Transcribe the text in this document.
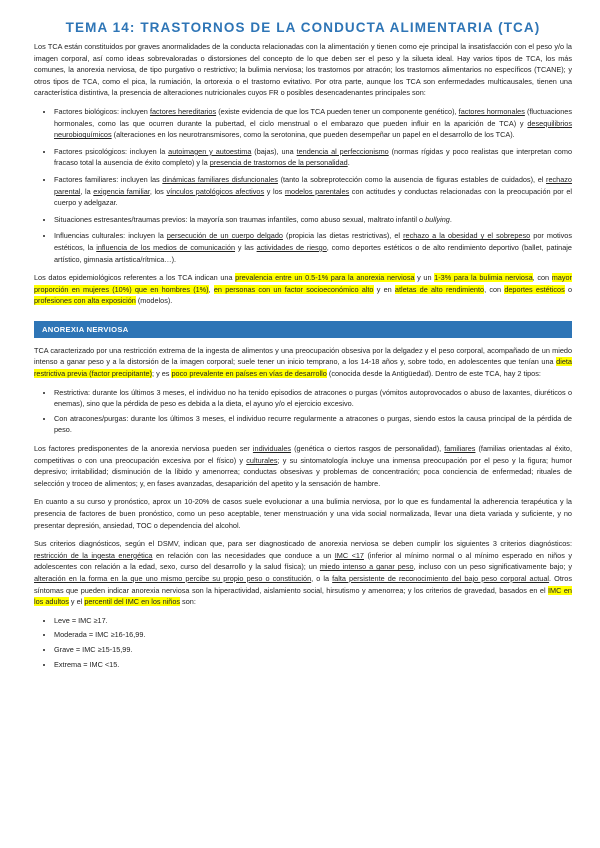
TEMA 14: TRASTORNOS DE LA CONDUCTA ALIMENTARIA (TCA)

Los TCA están constituidos por graves anormalidades de la conducta relacionadas con la alimentación y tienen como eje principal la insatisfacción con el peso y/o la imagen corporal, así como ideas sobrevaloradas o distorsiones del concepto de lo que deben ser el peso y la silueta ideal. Hay varios tipos de TCA, los más comunes, la anorexia nerviosa, de tipo purgativo o restrictivo; la bulimia nerviosa; los trastornos por atracón; los trastornos alimentarios no específicos (TCANE); y otros tipos de TCA, como el pica, la rumiación, la ortorexia o el trastorno evitativo. Por otra parte, aunque los TCA son enfermedades multicausales, tienen una característica distintiva, la presencia de alteraciones nutricionales cuyos FR o posibles desencadenantes principales son:

• Factores biológicos: incluyen factores hereditarios (existe evidencia de que los TCA pueden tener un componente genético), factores hormonales (fluctuaciones hormonales, como las que ocurren durante la pubertad, el ciclo menstrual o el embarazo que pueden influir en la aparición de TCA) y desequilibrios neurobioquímicos (alteraciones en los neurotransmisores, como la serotonina, que pueden desempeñar un papel en el desarrollo de los TCA).
• Factores psicológicos: incluyen la autoimagen y autoestima (bajas), una tendencia al perfeccionismo (normas rígidas y poco realistas que interpretan como fracaso total la ausencia de éxito completo) y la presencia de trastornos de la personalidad.
• Factores familiares: incluyen las dinámicas familiares disfuncionales (tanto la sobreprotección como la ausencia de figuras estables de cuidados), el rechazo parental, la exigencia familiar, los vínculos patológicos afectivos y los modelos parentales con actitudes y conductas relacionadas con la preocupación por el cuerpo y adelgazar.
• Situaciones estresantes/traumas previos: la mayoría son traumas infantiles, como abuso sexual, maltrato infantil o bullying.
• Influencias culturales: incluyen la persecución de un cuerpo delgado (propicia las dietas restrictivas), el rechazo a la obesidad y el sobrepeso por motivos estéticos, la influencia de los medios de comunicación y las actividades de riesgo, como deportes estéticos o de alto rendimiento deportivo (ballet, patinaje artístico, gimnasia artística/rítmica…).

Los datos epidemiológicos referentes a los TCA indican una prevalencia entre un 0.5-1% para la anorexia nerviosa y un 1-3% para la bulimia nerviosa, con mayor proporción en mujeres (10%) que en hombres (1%), en personas con un factor socioeconómico alto y en atletas de alto rendimiento, con deportes estéticos o profesiones con alta exposición (modelos).

ANOREXIA NERVIOSA

TCA caracterizado por una restricción extrema de la ingesta de alimentos y una preocupación obsesiva por la delgadez y el peso corporal, acompañado de un miedo intenso a ganar peso y a la distorsión de la imagen corporal; suele tener un inicio temprano, a los 14-18 años y, sobre todo, en adolescentes que tenían una dieta restrictiva previa (factor precipitante); y es poco prevalente en países en vías de desarrollo (conocida desde la Antigüedad). Dentro de este TCA, hay 2 tipos:

• Restrictiva: durante los últimos 3 meses, el individuo no ha tenido episodios de atracones o purgas (vómitos autoprovocados o abuso de laxantes, diuréticos o enemas), sino que la pérdida de peso es debida a la dieta, el ayuno y/o el ejercicio excesivo.
• Con atracones/purgas: durante los últimos 3 meses, el individuo recurre regularmente a atracones o purgas, siendo estos la causa principal de la pérdida de peso.

Los factores predisponentes de la anorexia nerviosa pueden ser individuales (genética o ciertos rasgos de personalidad), familiares (familias orientadas al éxito, competitivas o con una preocupación excesiva por el físico) y culturales; y su sintomatología incluye una inmensa preocupación por el peso y la figura; humor depresivo; irritabilidad; disminución de la libido y amenorrea; conductas obsesivas y problemas de concentración; poca conciencia de enfermedad; rituales de selección y troceo de alimentos; y, en fases avanzadas, desaparición del apetito y la sensación de hambre.

En cuanto a su curso y pronóstico, aprox un 10-20% de casos suele evolucionar a una bulimia nerviosa, por lo que es fundamental la adherencia terapéutica y la presencia de factores de buen pronóstico, como un peso aceptable, tener menstruación y una vida social normalizada, llevar una dieta variada y suficiente, y no presentar depresión, ansiedad, TOC o dependencia del alcohol.

Sus criterios diagnósticos, según el DSMV, indican que, para ser diagnosticado de anorexia nerviosa se deben cumplir los siguientes 3 criterios diagnósticos: restricción de la ingesta energética en relación con las necesidades que conduce a un IMC <17 (inferior al mínimo normal o al mínimo esperado en niños y adolescentes con relación a la edad, sexo, curso del desarrollo y la salud física); un miedo intenso a ganar peso, incluso con un peso significativamente bajo; y alteración en la forma en la que uno mismo percibe su propio peso o constitución, o la falta persistente de reconocimiento del bajo peso corporal actual. Otros síntomas que pueden indicar anorexia nerviosa son la hiperactividad, aislamiento social, hirsutismo y amenorrea; y los criterios de gravedad, basados en el IMC en los adultos y el percentil del IMC en los niños son:

• Leve = IMC ≥17.
• Moderada = IMC ≥16-16,99.
• Grave = IMC ≥15-15,99.
• Extrema = IMC <15.
